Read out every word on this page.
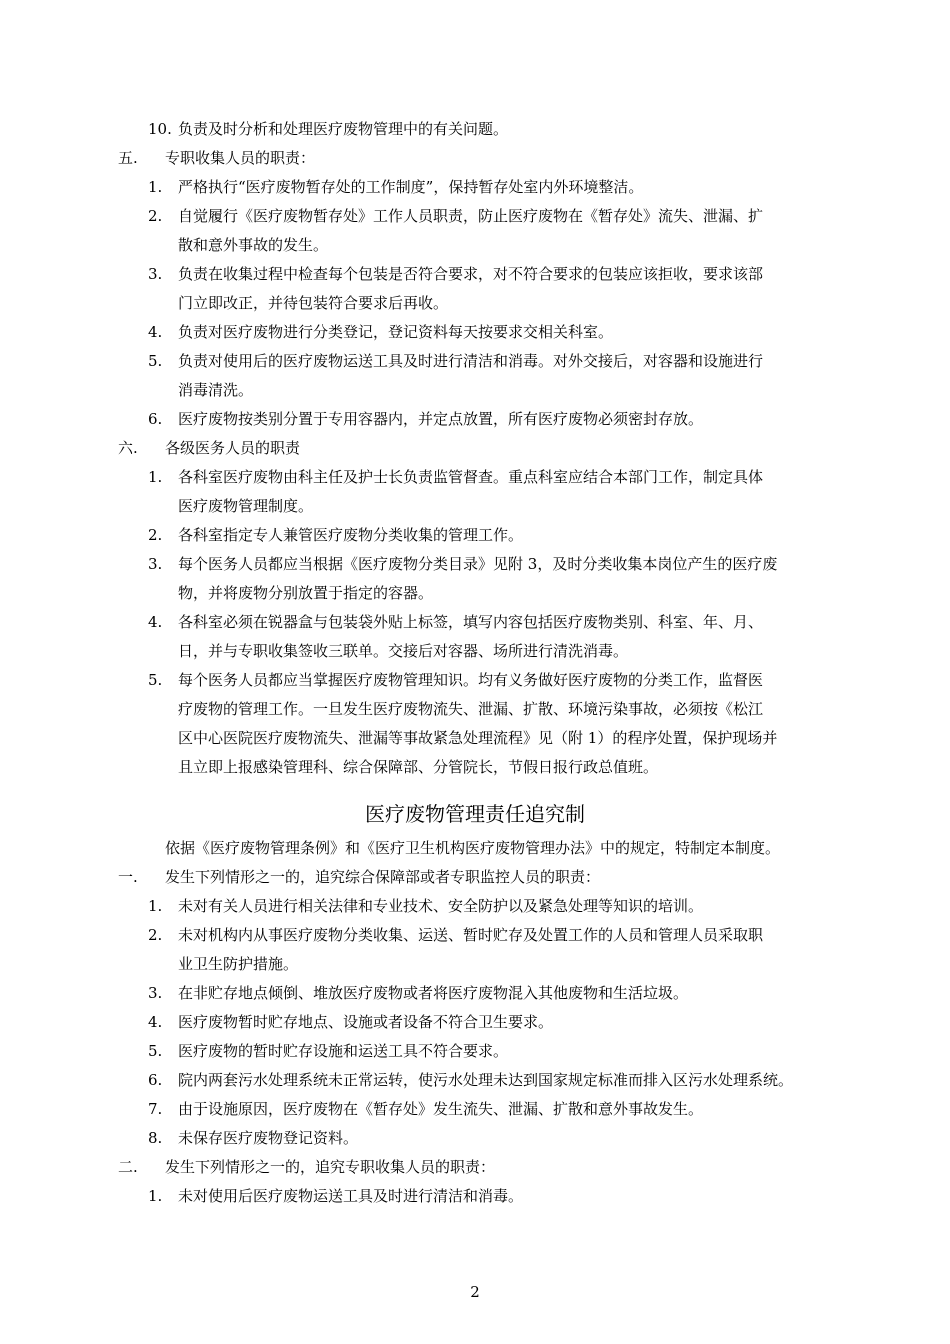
10. 负责及时分析和处理医疗废物管理中的有关问题。
五. 专职收集人员的职责：
1. 严格执行“医疗废物暂存处的工作制度”，保持暂存处室内外环境整洁。
2. 自觉履行《医疗废物暂存处》工作人员职责，防止医疗废物在《暂存处》流失、泄漏、扩
散和意外事故的发生。
3. 负责在收集过程中检查每个包装是否符合要求，对不符合要求的包装应该拒收，要求该部
门立即改正，并待包装符合要求后再收。
4. 负责对医疗废物进行分类登记，登记资料每天按要求交相关科室。
5. 负责对使用后的医疗废物运送工具及时进行清洁和消毒。对外交接后，对容器和设施进行
消毒清洗。
6. 医疗废物按类别分置于专用容器内，并定点放置，所有医疗废物必须密封存放。
六. 各级医务人员的职责
1. 各科室医疗废物由科主任及护士长负责监管督查。重点科室应结合本部门工作，制定具体
医疗废物管理制度。
2. 各科室指定专人兼管医疗废物分类收集的管理工作。
3. 每个医务人员都应当根据《医疗废物分类目录》见附 3，及时分类收集本岗位产生的医疗废
物，并将废物分别放置于指定的容器。
4. 各科室必须在锐器盒与包装袋外贴上标签，填写内容包括医疗废物类别、科室、年、月、
日，并与专职收集签收三联单。交接后对容器、场所进行清洗消毒。
5. 每个医务人员都应当掌握医疗废物管理知识。均有义务做好医疗废物的分类工作，监督医
疗废物的管理工作。一旦发生医疗废物流失、泄漏、扩散、环境污染事故，必须按《松江
区中心医院医疗废物流失、泄漏等事故紧急处理流程》见（附 1）的程序处置，保护现场并
且立即上报感染管理科、综合保障部、分管院长，节假日报行政总值班。
医疗废物管理责任追究制
依据《医疗废物管理条例》和《医疗卫生机构医疗废物管理办法》中的规定，特制定本制度。
一. 发生下列情形之一的，追究综合保障部或者专职监控人员的职责：
1. 未对有关人员进行相关法律和专业技术、安全防护以及紧急处理等知识的培训。
2. 未对机构内从事医疗废物分类收集、运送、暂时贮存及处置工作的人员和管理人员采取职
业卫生防护措施。
3. 在非贮存地点倾倒、堆放医疗废物或者将医疗废物混入其他废物和生活垃圾。
4. 医疗废物暂时贮存地点、设施或者设备不符合卫生要求。
5. 医疗废物的暂时贮存设施和运送工具不符合要求。
6. 院内两套污水处理系统未正常运转，使污水处理未达到国家规定标准而排入区污水处理系统。
7. 由于设施原因，医疗废物在《暂存处》发生流失、泄漏、扩散和意外事故发生。
8. 未保存医疗废物登记资料。
二. 发生下列情形之一的，追究专职收集人员的职责：
1. 未对使用后医疗废物运送工具及时进行清洁和消毒。
2
